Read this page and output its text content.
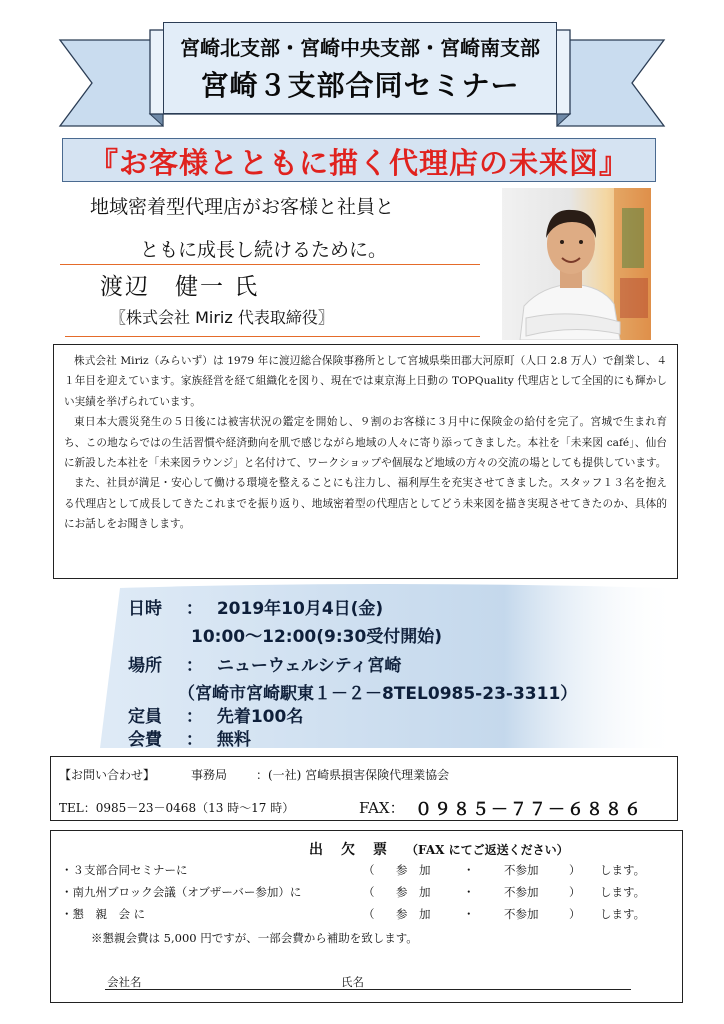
宮崎北支部・宮崎中央支部・宮崎南支部
宮崎３支部合同セミナー
『お客様とともに描く代理店の未来図』
地域密着型代理店がお客様と社員と
ともに成長し続けるために。
渡辺　健一 氏
〖株式会社 Miriz 代表取締役〗

株式会社 Miriz（みらいず）は 1979 年に渡辺総合保険事務所として宮城県柴田郡大河原町（人口 2.8 万人）で創業し、４１年目を迎えています。家族経営を経て組織化を図り、現在では東京海上日動の TOPQuality 代理店として全国的にも輝かしい実績を挙げられています。

東日本大震災発生の５日後には被害状況の鑑定を開始し、９割のお客様に３月中に保険金の給付を完了。宮城で生まれ育ち、この地ならではの生活習慣や経済動向を肌で感じながら地域の人々に寄り添ってきました。本社を「未来図 café」、仙台に新設した本社を「未来図ラウンジ」と名付けて、ワークショップや個展など地域の方々の交流の場としても提供しています。

また、社員が満足・安心して働ける環境を整えることにも注力し、福利厚生を充実させてきました。スタッフ１３名を抱える代理店として成長してきたこれまでを振り返り、地域密着型の代理店としてどう未来図を描き実現させてきたのか、具体的にお話しをお聞きします。

日時 ： 2019年10月4日(金)
10:00～12:00(9:30受付開始)
場所 ： ニューウェルシティ宮崎
（宮崎市宮崎駅東１－２－8TEL0985-23-3311）
定員 ： 先着100名
会費 ： 無料
【お問い合わせ】	事務局 ：(一社) 宮崎県損害保険代理業協会
TEL：0985－23－0468（13 時～17 時）	FAX： ０９８５－７７－６８８６
出　欠　票 （FAX にてご返送ください）
・３支部合同セミナーに	（ 参　加	・	不参加	） します。
・南九州ブロック会議（オブザーバー参加）に	（ 参　加	・	不参加	） します。
・懇　親　会 に	（ 参　加	・	不参加	） します。
※懇親会費は 5,000 円ですが、一部会費から補助を致します。
会社名	氏名
